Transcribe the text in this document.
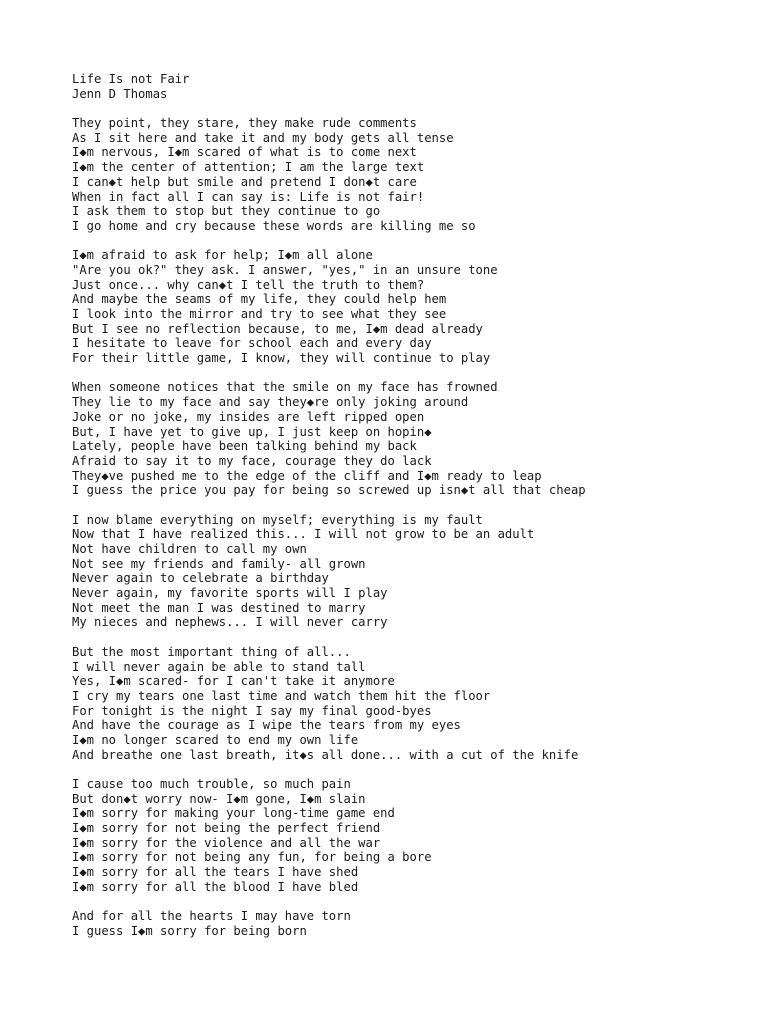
Life Is not Fair
Jenn D Thomas
They point, they stare, they make rude comments
As I sit here and take it and my body gets all tense
I◆m nervous, I◆m scared of what is to come next
I◆m the center of attention; I am the large text
I can◆t help but smile and pretend I don◆t care
When in fact all I can say is: Life is not fair!
I ask them to stop but they continue to go
I go home and cry because these words are killing me so
I◆m afraid to ask for help; I◆m all alone
"Are you ok?" they ask. I answer, "yes," in an unsure tone
Just once... why can◆t I tell the truth to them?
And maybe the seams of my life, they could help hem
I look into the mirror and try to see what they see
But I see no reflection because, to me, I◆m dead already
I hesitate to leave for school each and every day
For their little game, I know, they will continue to play
When someone notices that the smile on my face has frowned
They lie to my face and say they◆re only joking around
Joke or no joke, my insides are left ripped open
But, I have yet to give up, I just keep on hopin◆
Lately, people have been talking behind my back
Afraid to say it to my face, courage they do lack
They◆ve pushed me to the edge of the cliff and I◆m ready to leap
I guess the price you pay for being so screwed up isn◆t all that cheap
I now blame everything on myself; everything is my fault
Now that I have realized this... I will not grow to be an adult
Not have children to call my own
Not see my friends and family- all grown
Never again to celebrate a birthday
Never again, my favorite sports will I play
Not meet the man I was destined to marry
My nieces and nephews... I will never carry
But the most important thing of all...
I will never again be able to stand tall
Yes, I◆m scared- for I can't take it anymore
I cry my tears one last time and watch them hit the floor
For tonight is the night I say my final good-byes
And have the courage as I wipe the tears from my eyes
I◆m no longer scared to end my own life
And breathe one last breath, it◆s all done... with a cut of the knife
I cause too much trouble, so much pain
But don◆t worry now- I◆m gone, I◆m slain
I◆m sorry for making your long-time game end
I◆m sorry for not being the perfect friend
I◆m sorry for the violence and all the war
I◆m sorry for not being any fun, for being a bore
I◆m sorry for all the tears I have shed
I◆m sorry for all the blood I have bled
And for all the hearts I may have torn
I guess I◆m sorry for being born
